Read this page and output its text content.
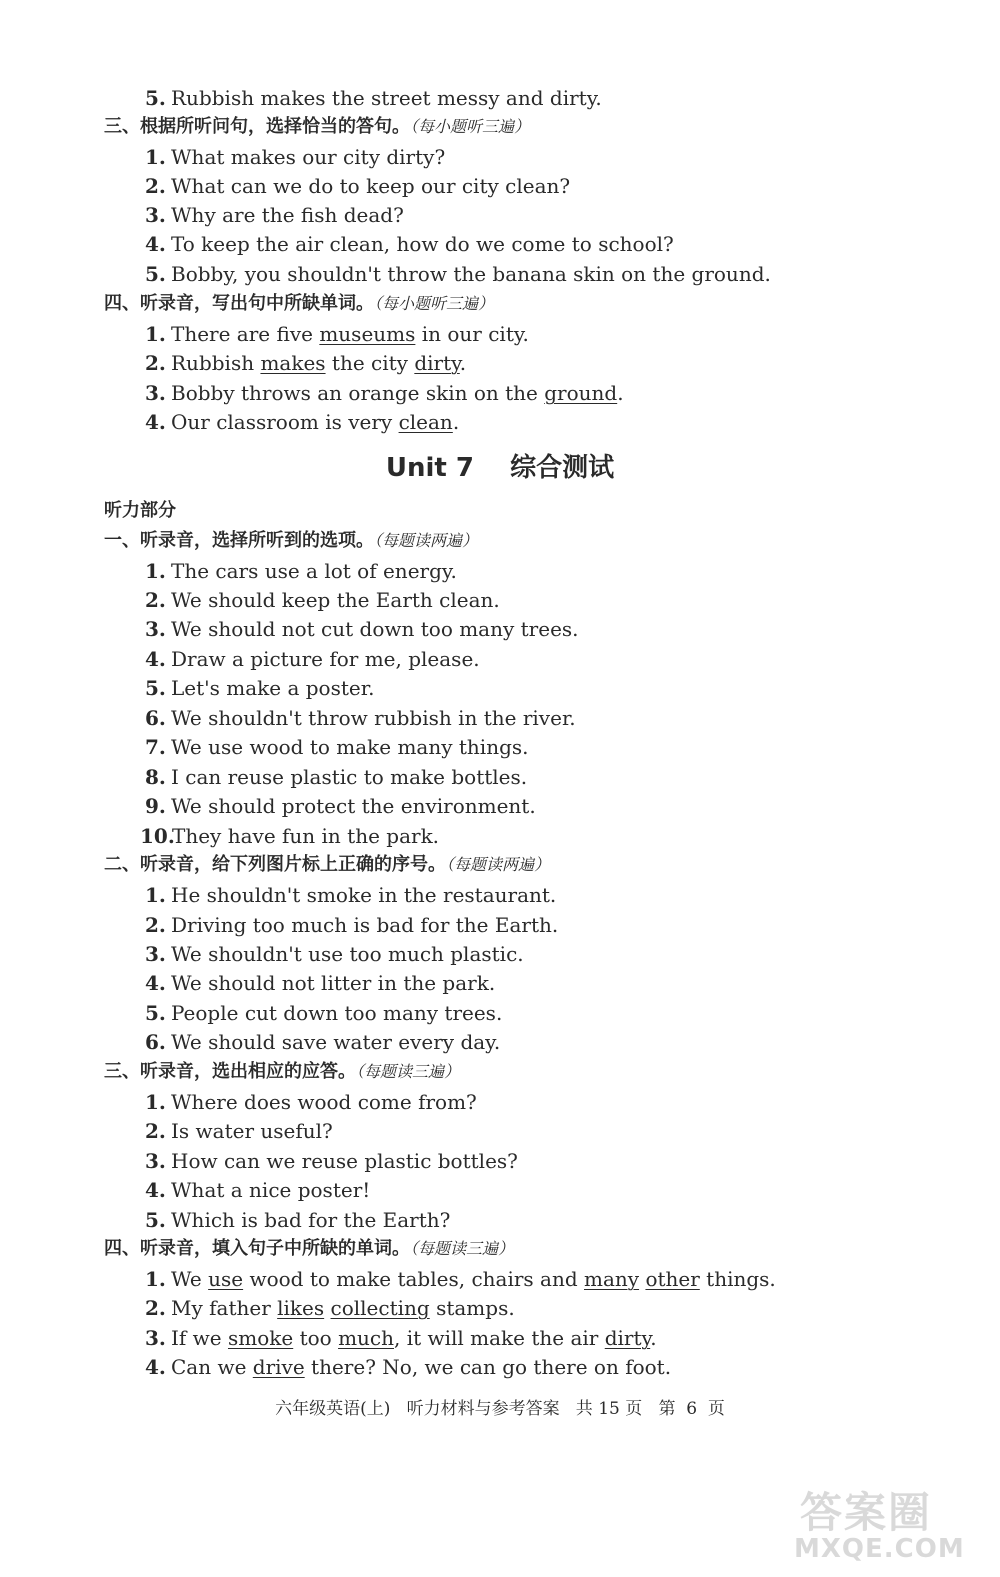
5. Rubbish makes the street messy and dirty.
三、根据所听问句，选择恰当的答句。（每小题听三遍）
1. What makes our city dirty?
2. What can we do to keep our city clean?
3. Why are the fish dead?
4. To keep the air clean, how do we come to school?
5. Bobby, you shouldn't throw the banana skin on the ground.
四、听录音，写出句中所缺单词。（每小题听三遍）
1. There are five museums in our city.
2. Rubbish makes the city dirty.
3. Bobby throws an orange skin on the ground.
4. Our classroom is very clean.
Unit 7    综合测试
听力部分
一、听录音，选择所听到的选项。（每题读两遍）
1. The cars use a lot of energy.
2. We should keep the Earth clean.
3. We should not cut down too many trees.
4. Draw a picture for me, please.
5. Let's make a poster.
6. We shouldn't throw rubbish in the river.
7. We use wood to make many things.
8. I can reuse plastic to make bottles.
9. We should protect the environment.
10.They have fun in the park.
二、听录音，给下列图片标上正确的序号。（每题读两遍）
1. He shouldn't smoke in the restaurant.
2. Driving too much is bad for the Earth.
3. We shouldn't use too much plastic.
4. We should not litter in the park.
5. People cut down too many trees.
6. We should save water every day.
三、听录音，选出相应的应答。（每题读三遍）
1. Where does wood come from?
2. Is water useful?
3. How can we reuse plastic bottles?
4. What a nice poster!
5. Which is bad for the Earth?
四、听录音，填入句子中所缺的单词。（每题读三遍）
1. We use wood to make tables, chairs and many other things.
2. My father likes collecting stamps.
3. If we smoke too much, it will make the air dirty.
4. Can we drive there? No, we can go there on foot.
六年级英语(上)   听力材料与参考答案   共 15 页   第  6  页
答案圈
MXQE.COM
